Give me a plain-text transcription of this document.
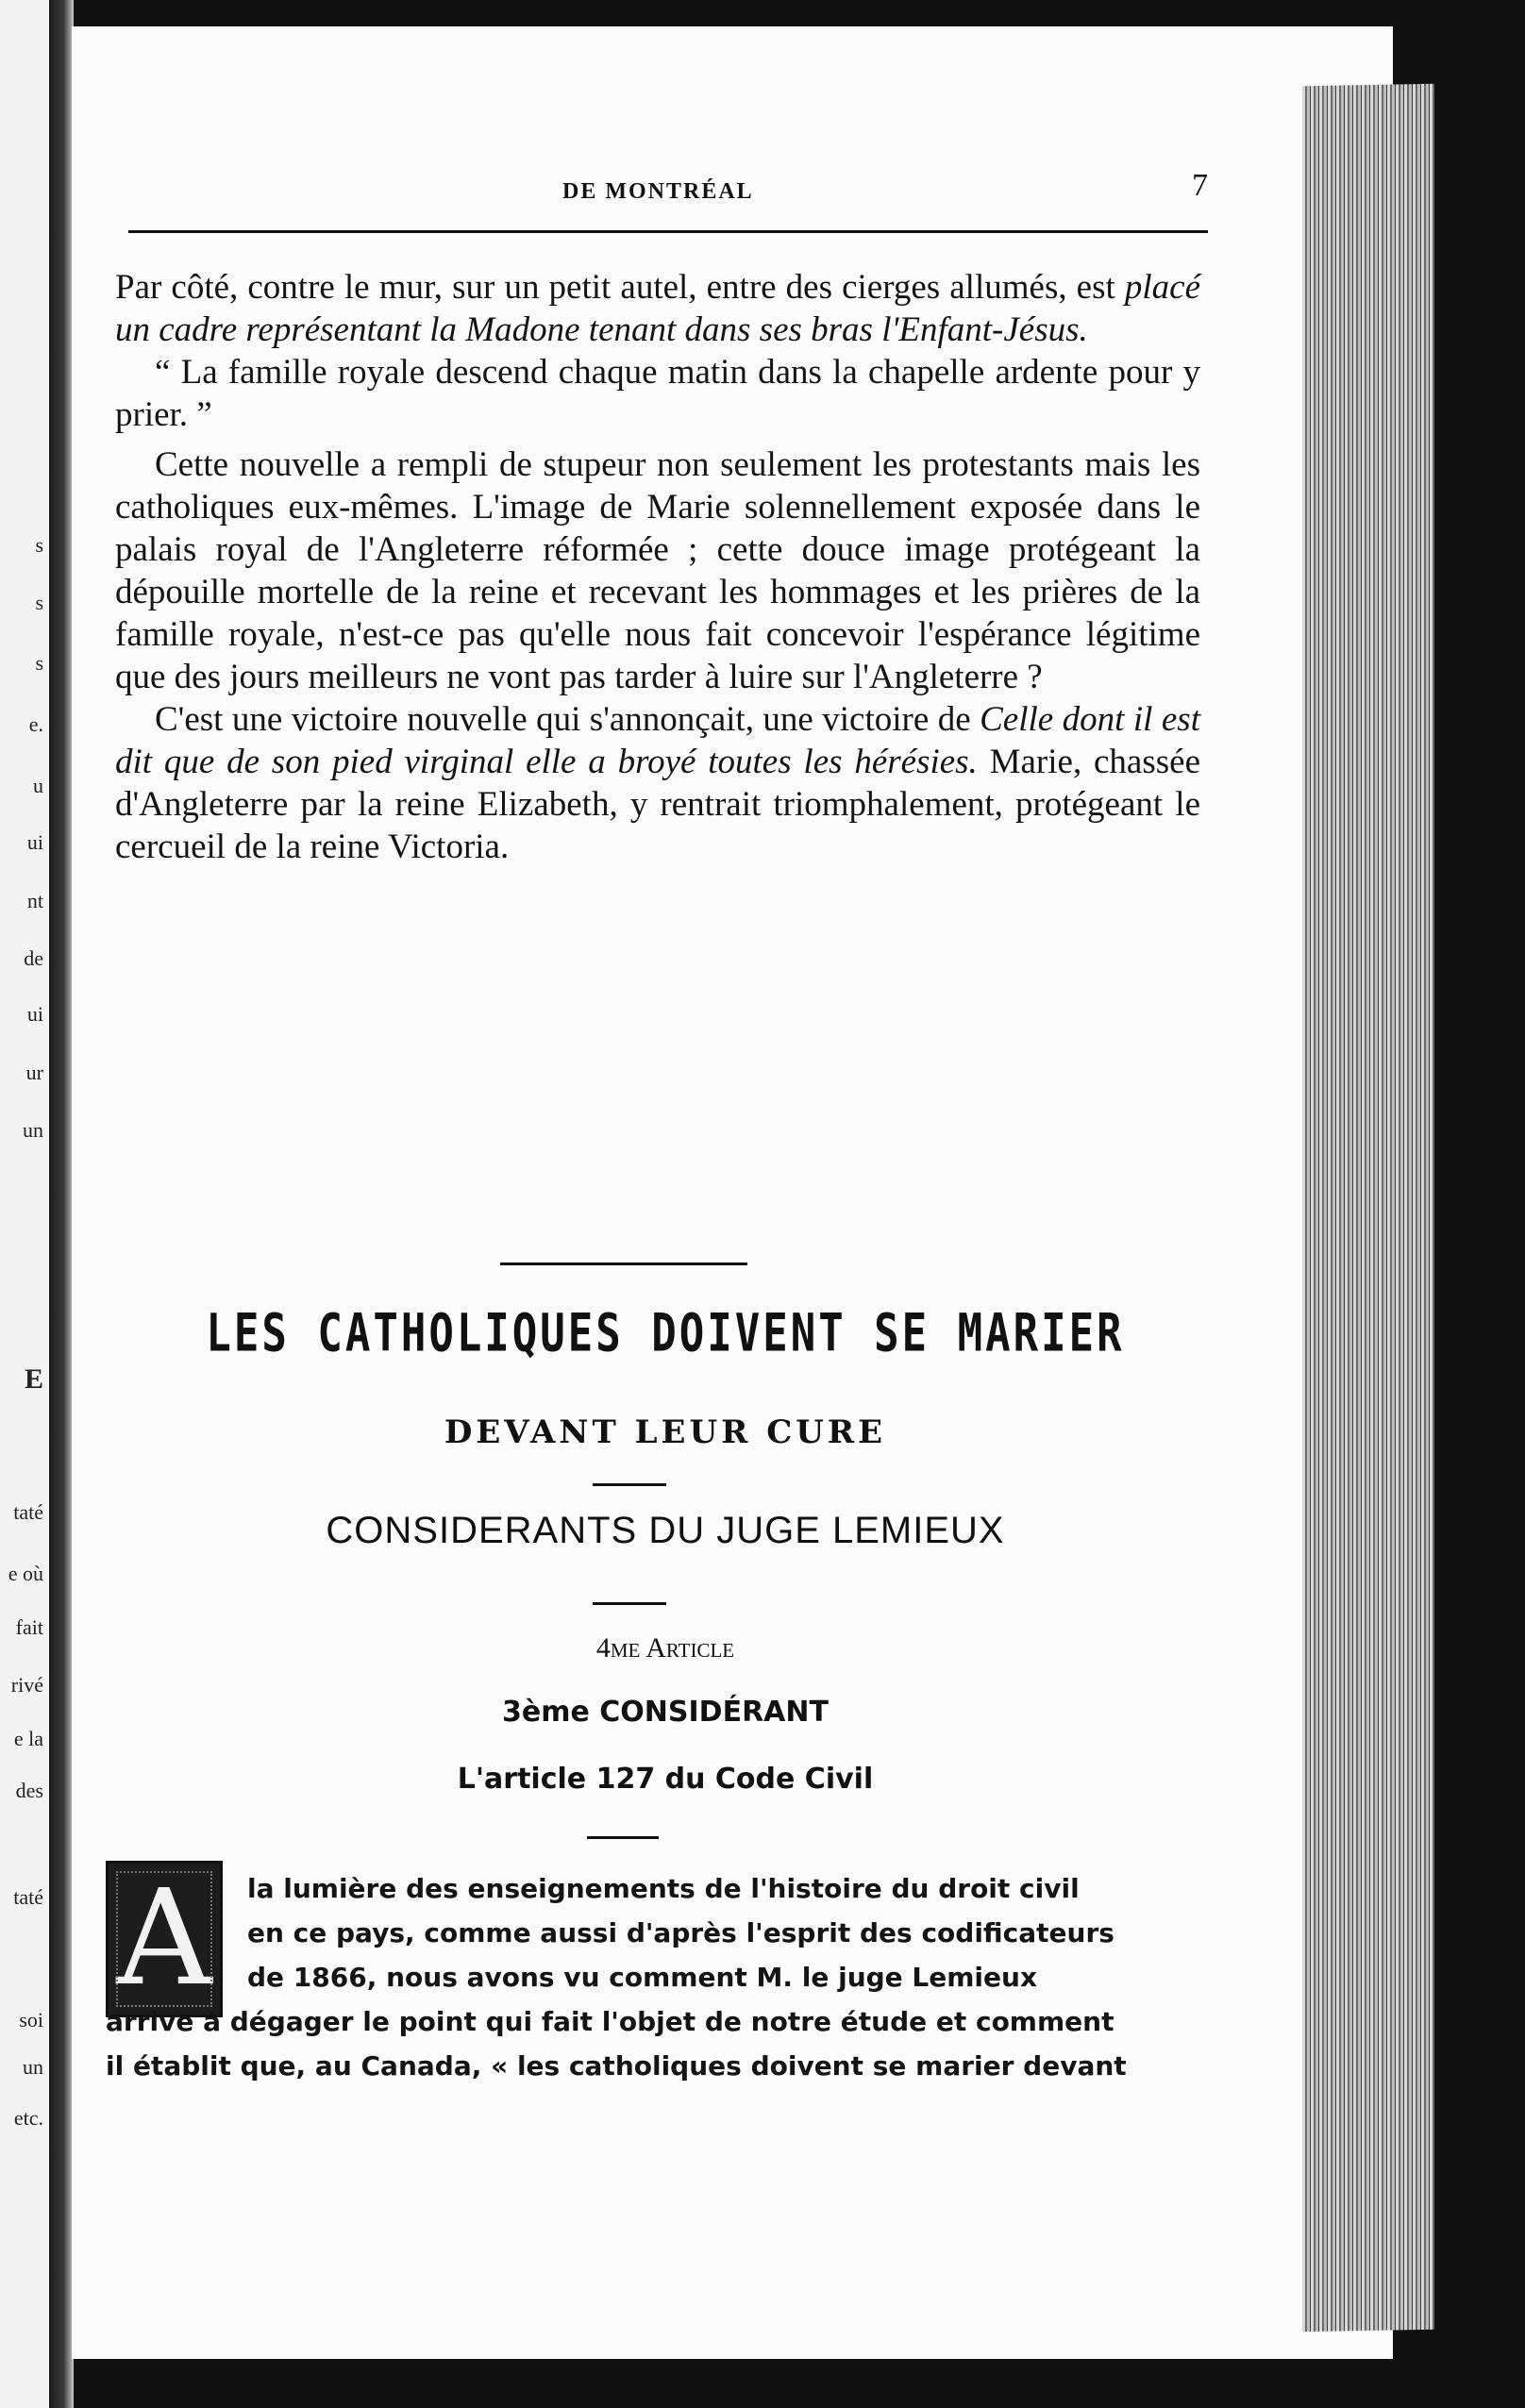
s
s
s
e.
u
ui
nt
de
ui
ur
un
E
taté
e où
fait
rivé
e la
des
taté
soi
un
etc.
DE MONTRÉAL	7

Par côté, contre le mur, sur un petit autel, entre des cierges allumés, est placé un cadre représentant la Madone tenant dans ses bras l'Enfant-Jésus.

“ La famille royale descend chaque matin dans la chapelle ardente pour y prier. ”

Cette nouvelle a rempli de stupeur non seulement les protestants mais les catholiques eux-mêmes. L'image de Marie solennellement exposée dans le palais royal de l'Angleterre réformée ; cette douce image protégeant la dépouille mortelle de la reine et recevant les hommages et les prières de la famille royale, n'est-ce pas qu'elle nous fait concevoir l'espérance légitime que des jours meilleurs ne vont pas tarder à luire sur l'Angleterre ?

C'est une victoire nouvelle qui s'annonçait, une victoire de Celle dont il est dit que de son pied virginal elle a broyé toutes les hérésies. Marie, chassée d'Angleterre par la reine Elizabeth, y rentrait triomphalement, protégeant le cercueil de la reine Victoria.

LES CATHOLIQUES DOIVENT SE MARIER
DEVANT LEUR CURE
CONSIDERANTS DU JUGE LEMIEUX
4me Article
3ème CONSIDÉRANT
L'article 127 du Code Civil
A	la lumière des enseignements de l'histoire du droit civil
en ce pays, comme aussi d'après l'esprit des codificateurs
de 1866, nous avons vu comment M. le juge Lemieux
arrive à dégager le point qui fait l'objet de notre étude et comment
il établit que, au Canada, « les catholiques doivent se marier devant
